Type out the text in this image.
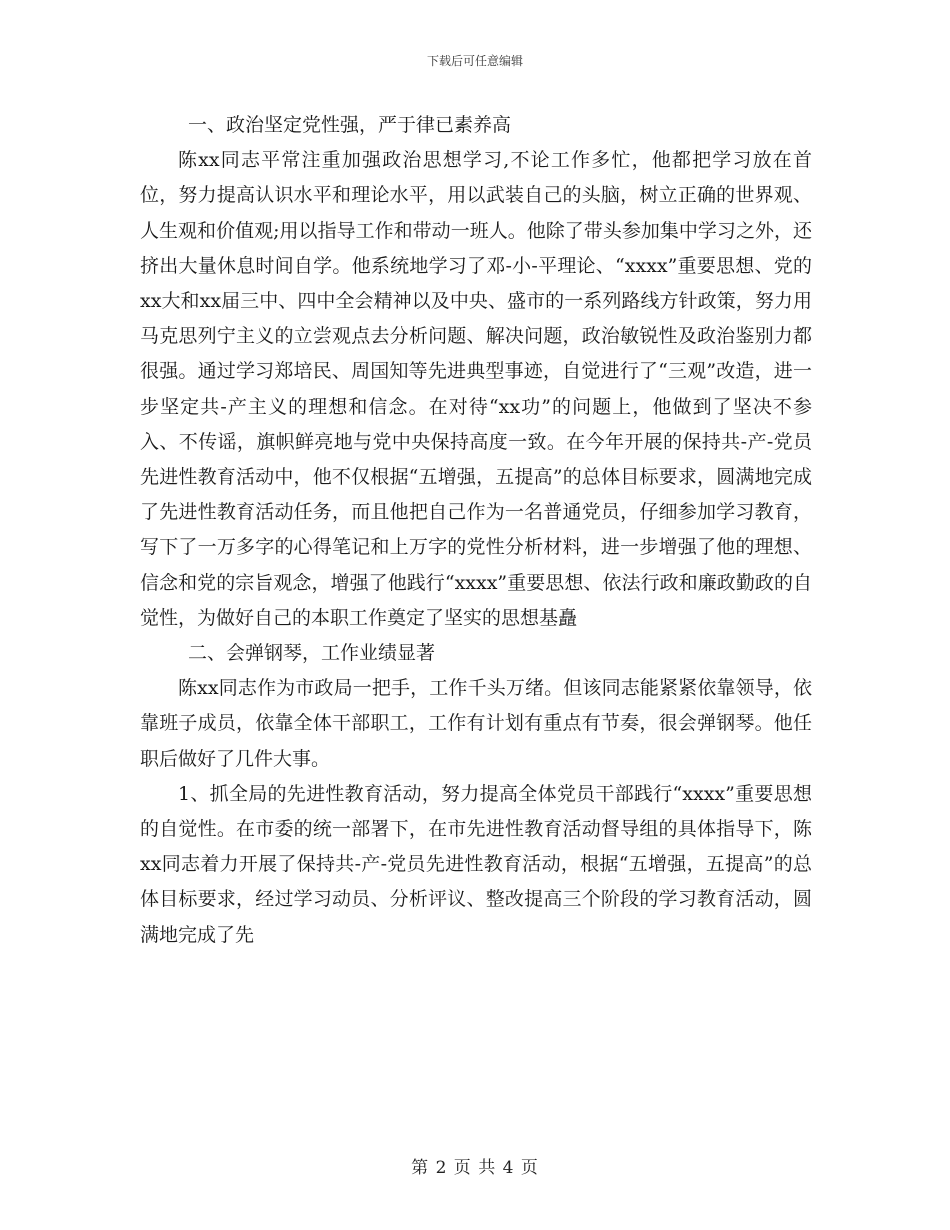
下载后可任意编辑

一、政治坚定党性强，严于律已素养高

陈xx同志平常注重加强政治思想学习,不论工作多忙，他都把学习放在首位，努力提高认识水平和理论水平，用以武装自己的头脑，树立正确的世界观、人生观和价值观;用以指导工作和带动一班人。他除了带头参加集中学习之外，还挤出大量休息时间自学。他系统地学习了邓-小-平理论、“xxxx”重要思想、党的xx大和xx届三中、四中全会精神以及中央、盛市的一系列路线方针政策，努力用马克思列宁主义的立尝观点去分析问题、解决问题，政治敏锐性及政治鉴别力都很强。通过学习郑培民、周国知等先进典型事迹，自觉进行了“三观”改造，进一步坚定共-产主义的理想和信念。在对待“xx功”的问题上，他做到了坚决不参入、不传谣，旗帜鲜亮地与党中央保持高度一致。在今年开展的保持共-产-党员先进性教育活动中，他不仅根据“五增强，五提高”的总体目标要求，圆满地完成了先进性教育活动任务，而且他把自己作为一名普通党员，仔细参加学习教育，写下了一万多字的心得笔记和上万字的党性分析材料，进一步增强了他的理想、信念和党的宗旨观念，增强了他践行“xxxx”重要思想、依法行政和廉政勤政的自觉性，为做好自己的本职工作奠定了坚实的思想基矗

二、会弹钢琴，工作业绩显著

陈xx同志作为市政局一把手，工作千头万绪。但该同志能紧紧依靠领导，依靠班子成员，依靠全体干部职工，工作有计划有重点有节奏，很会弹钢琴。他任职后做好了几件大事。

1、抓全局的先进性教育活动，努力提高全体党员干部践行“xxxx”重要思想的自觉性。在市委的统一部署下，在市先进性教育活动督导组的具体指导下，陈xx同志着力开展了保持共-产-党员先进性教育活动，根据“五增强，五提高”的总体目标要求，经过学习动员、分析评议、整改提高三个阶段的学习教育活动，圆满地完成了先

第 2 页 共 4 页
